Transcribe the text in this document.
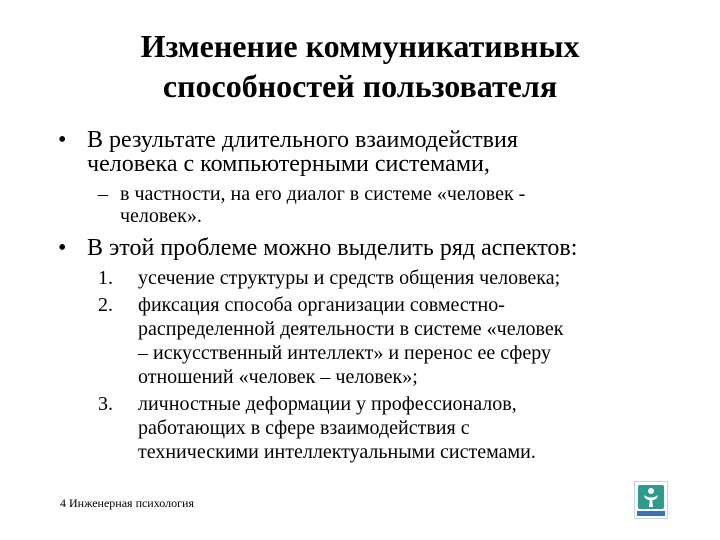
Изменение коммуникативных
способностей пользователя
• В результате длительного взаимодействия
человека с компьютерными системами,
– в частности, на его диалог в системе «человек -
человек».
• В этой проблеме можно выделить ряд аспектов:
1. усечение структуры и средств общения человека;
2. фиксация способа организации совместно-
распределенной деятельности в системе «человек
– искусственный интеллект» и перенос ее сферу
отношений «человек – человек»;
3. личностные деформации у профессионалов,
работающих в сфере взаимодействия с
техническими интеллектуальными системами.
4 Инженерная психология
